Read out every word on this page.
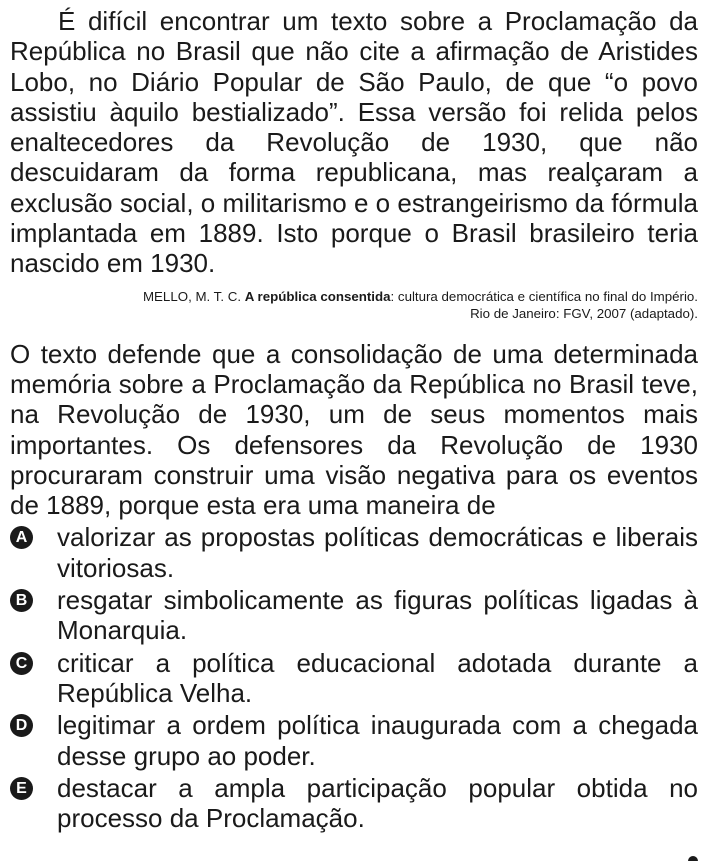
É difícil encontrar um texto sobre a Proclamação da República no Brasil que não cite a afirmação de Aristides Lobo, no Diário Popular de São Paulo, de que “o povo assistiu àquilo bestializado”. Essa versão foi relida pelos enaltecedores da Revolução de 1930, que não descuidaram da forma republicana, mas realçaram a exclusão social, o militarismo e o estrangeirismo da fórmula implantada em 1889. Isto porque o Brasil brasileiro teria nascido em 1930.

MELLO, M. T. C. A república consentida: cultura democrática e científica no final do Império.
Rio de Janeiro: FGV, 2007 (adaptado).

O texto defende que a consolidação de uma determinada memória sobre a Proclamação da República no Brasil teve, na Revolução de 1930, um de seus momentos mais importantes. Os defensores da Revolução de 1930 procuraram construir uma visão negativa para os eventos de 1889, porque esta era uma maneira de

A valorizar as propostas políticas democráticas e liberais vitoriosas.
B resgatar simbolicamente as figuras políticas ligadas à Monarquia.
C criticar a política educacional adotada durante a República Velha.
D legitimar a ordem política inaugurada com a chegada desse grupo ao poder.
E destacar a ampla participação popular obtida no processo da Proclamação.
